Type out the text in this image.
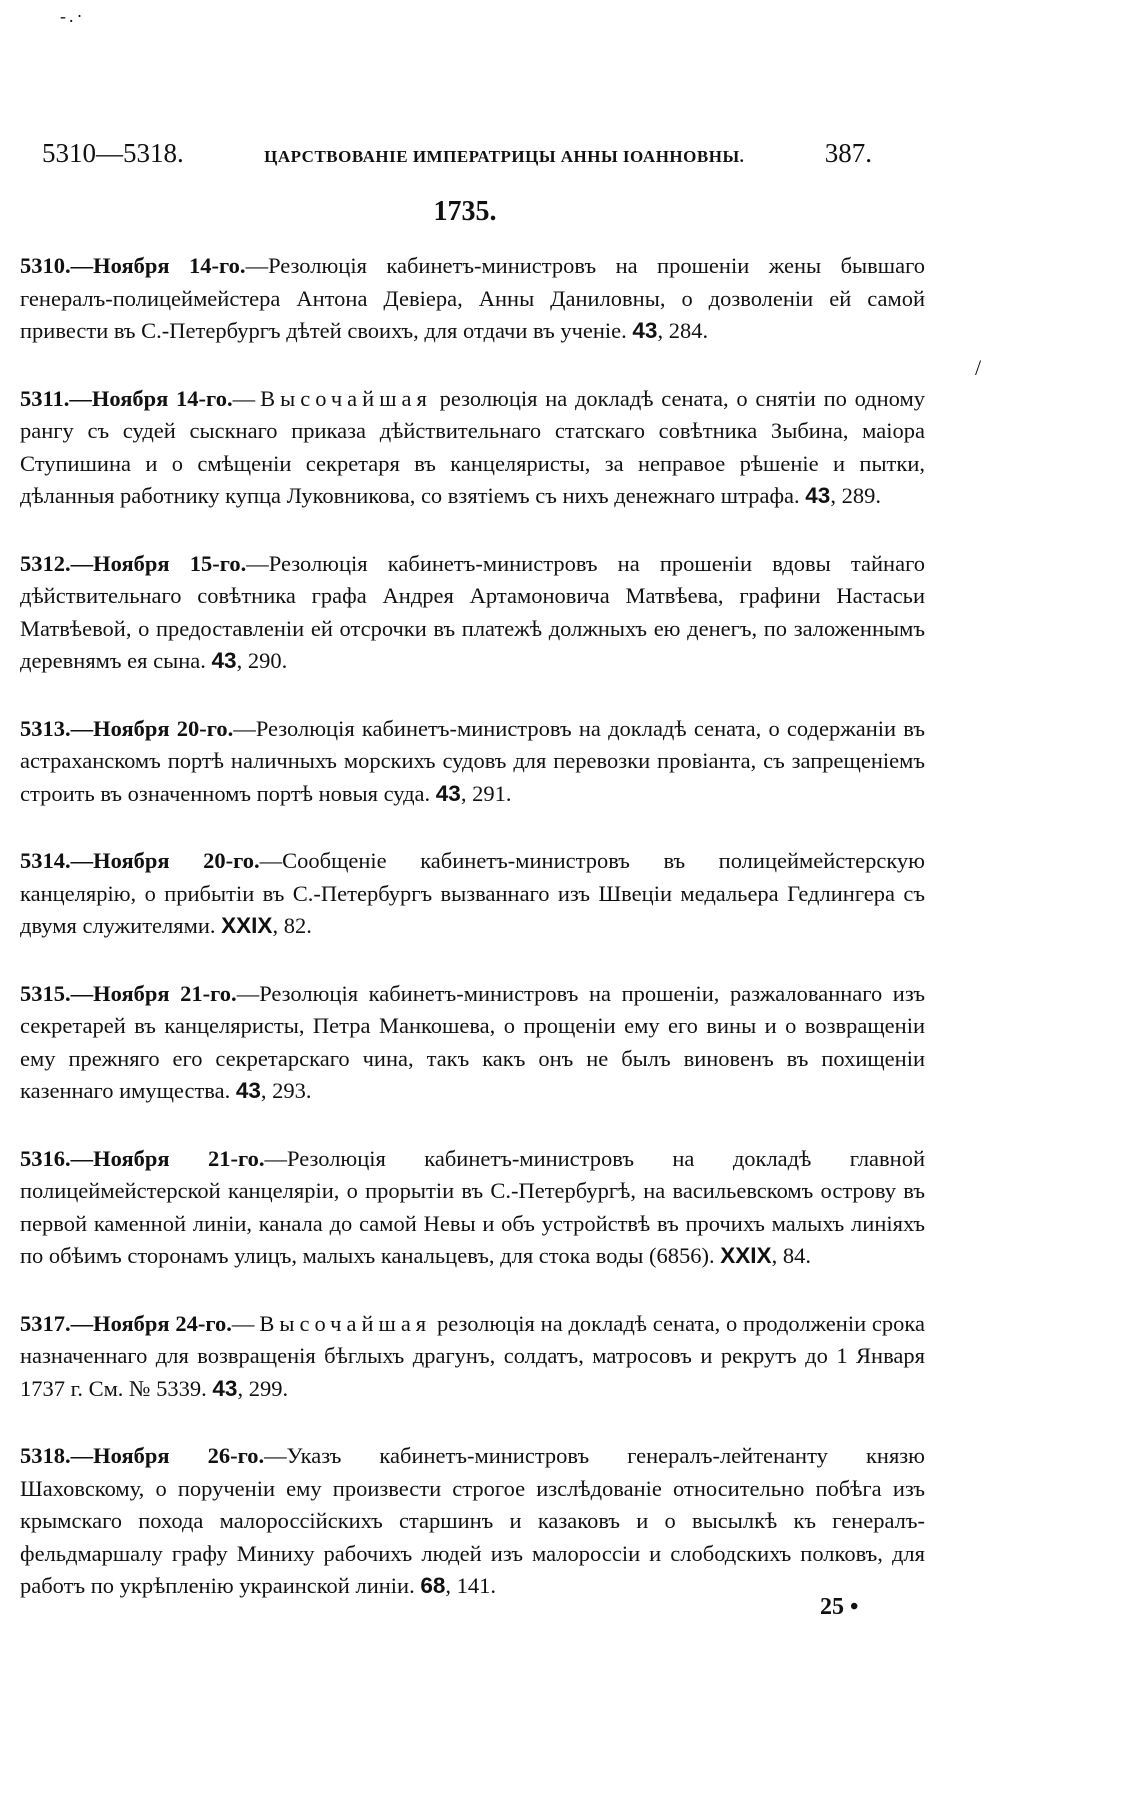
-.·
5310—5318.	ЦАРСТВОВАНІЕ ИМПЕРАТРИЦЫ АННЫ ІОАННОВНЫ.	387.
1735.
/

5310.—Ноября 14-го.—Резолюція кабинетъ-министровъ на прошеніи жены бывшаго генералъ-полицеймейстера Антона Девіера, Анны Даниловны, о дозволеніи ей самой привести въ С.-Петербургъ дѣтей своихъ, для отдачи въ ученіе. 43, 284.

5311.—Ноября 14-го.—Высочайшая резолюція на докладѣ сената, о снятіи по одному рангу съ судей сыскнаго приказа дѣйствительнаго статскаго совѣтника Зыбина, маіора Ступишина и о смѣщеніи секретаря въ канцеляристы, за неправое рѣшеніе и пытки, дѣланныя работнику купца Луковникова, со взятіемъ съ нихъ денежнаго штрафа. 43, 289.

5312.—Ноября 15-го.—Резолюція кабинетъ-министровъ на прошеніи вдовы тайнаго дѣйствительнаго совѣтника графа Андрея Артамоновича Матвѣева, графини Настасьи Матвѣевой, о предоставленіи ей отсрочки въ платежѣ должныхъ ею денегъ, по заложеннымъ деревнямъ ея сына. 43, 290.

5313.—Ноября 20-го.—Резолюція кабинетъ-министровъ на докладѣ сената, о содержаніи въ астраханскомъ портѣ наличныхъ морскихъ судовъ для перевозки провіанта, съ запрещеніемъ строить въ означенномъ портѣ новыя суда. 43, 291.

5314.—Ноября 20-го.—Сообщеніе кабинетъ-министровъ въ полицеймейстерскую канцелярію, о прибытіи въ С.-Петербургъ вызваннаго изъ Швеціи медальера Гедлингера съ двумя служителями. XXIX, 82.

5315.—Ноября 21-го.—Резолюція кабинетъ-министровъ на прошеніи, разжалованнаго изъ секретарей въ канцеляристы, Петра Манкошева, о прощеніи ему его вины и о возвращеніи ему прежняго его секретарскаго чина, такъ какъ онъ не былъ виновенъ въ похищеніи казеннаго имущества. 43, 293.

5316.—Ноября 21-го.—Резолюція кабинетъ-министровъ на докладѣ главной полицеймейстерской канцеляріи, о прорытіи въ С.-Петербургѣ, на васильевскомъ острову въ первой каменной линіи, канала до самой Невы и объ устройствѣ въ прочихъ малыхъ линіяхъ по обѣимъ сторонамъ улицъ, малыхъ канальцевъ, для стока воды (6856). XXIX, 84.

5317.—Ноября 24-го.—Высочайшая резолюція на докладѣ сената, о продолженіи срока назначеннаго для возвращенія бѣглыхъ драгунъ, солдатъ, матросовъ и рекрутъ до 1 Января 1737 г. См. № 5339. 43, 299.

5318.—Ноября 26-го.—Указъ кабинетъ-министровъ генералъ-лейтенанту князю Шаховскому, о порученіи ему произвести строгое изслѣдованіе относительно побѣга изъ крымскаго похода малороссійскихъ старшинъ и казаковъ и о высылкѣ къ генералъ-фельдмаршалу графу Миниху рабочихъ людей изъ малороссіи и слободскихъ полковъ, для работъ по укрѣпленію украинской линіи. 68, 141.

25 •
